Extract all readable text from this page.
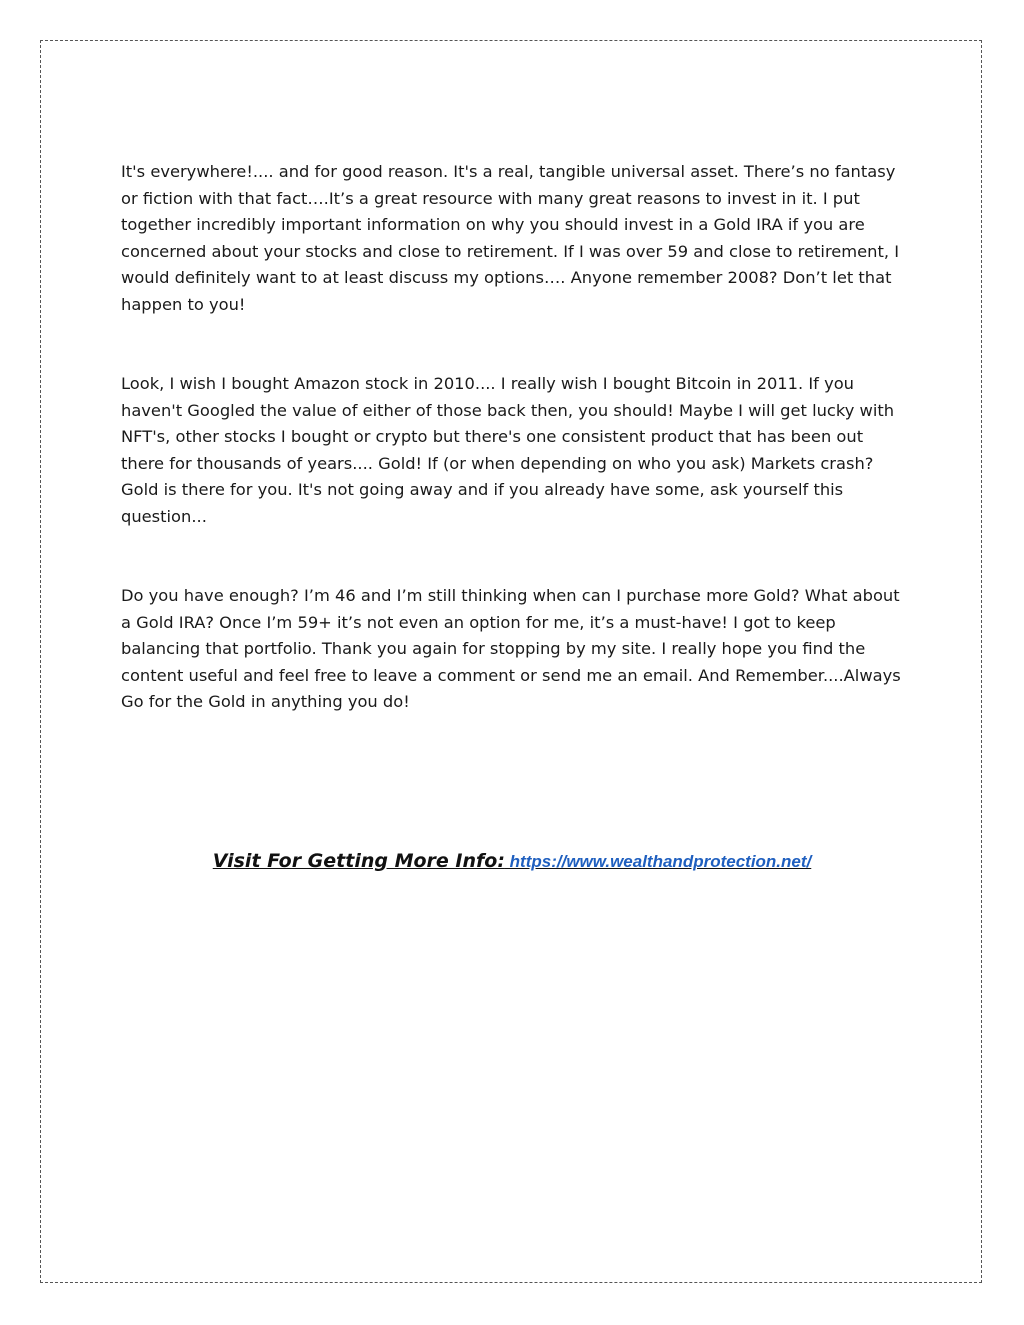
It's everywhere!.... and for good reason. It's a real, tangible universal asset. There’s no fantasy or fiction with that fact….It’s a great resource with many great reasons to invest in it. I put together incredibly important information on why you should invest in a Gold IRA if you are concerned about your stocks and close to retirement. If I was over 59 and close to retirement, I would definitely want to at least discuss my options…. Anyone remember 2008? Don’t let that happen to you!

Look, I wish I bought Amazon stock in 2010.... I really wish I bought Bitcoin in 2011. If you haven't Googled the value of either of those back then, you should! Maybe I will get lucky with NFT's, other stocks I bought or crypto but there's one consistent product that has been out there for thousands of years.... Gold! If (or when depending on who you ask) Markets crash? Gold is there for you. It's not going away and if you already have some, ask yourself this question...

Do you have enough? I’m 46 and I’m still thinking when can I purchase more Gold? What about a Gold IRA? Once I’m 59+ it’s not even an option for me, it’s a must-have! I got to keep balancing that portfolio. Thank you again for stopping by my site. I really hope you find the content useful and feel free to leave a comment or send me an email. And Remember....Always Go for the Gold in anything you do!

Visit For Getting More Info: https://www.wealthandprotection.net/
